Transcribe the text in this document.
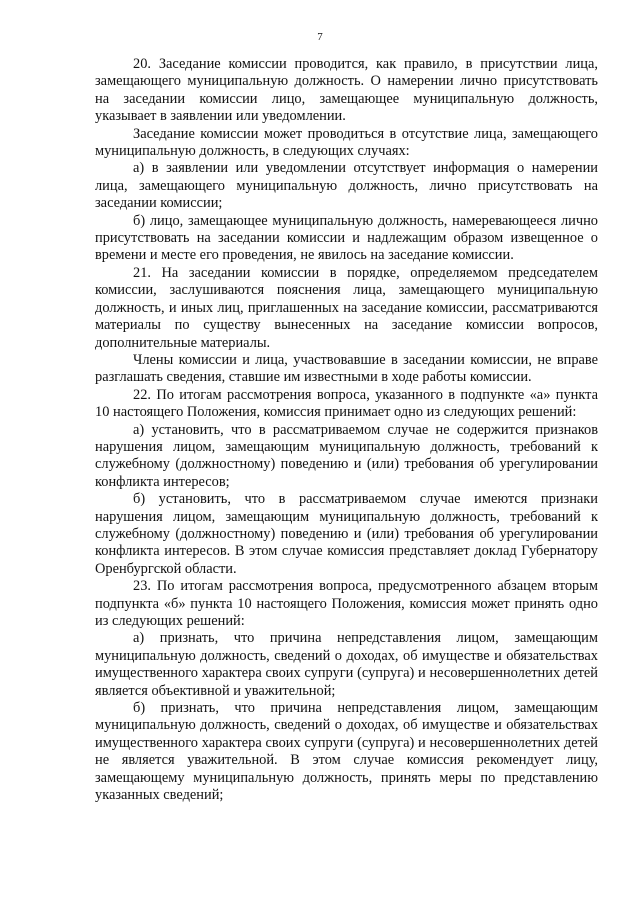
7

20. Заседание комиссии проводится, как правило, в присутствии лица, замещающего муниципальную должность. О намерении лично присутствовать на заседании комиссии лицо, замещающее муниципальную должность, указывает в заявлении или уведомлении.

Заседание комиссии может проводиться в отсутствие лица, замещающего муниципальную должность, в следующих случаях:

а) в заявлении или уведомлении отсутствует информация о намерении лица, замещающего муниципальную должность, лично присутствовать на заседании комиссии;

б) лицо, замещающее муниципальную должность, намеревающееся лично присутствовать на заседании комиссии и надлежащим образом извещенное о времени и месте его проведения, не явилось на заседание комиссии.

21. На заседании комиссии в порядке, определяемом председателем комиссии, заслушиваются пояснения лица, замещающего муниципальную должность, и иных лиц, приглашенных на заседание комиссии, рассматриваются материалы по существу вынесенных на заседание комиссии вопросов, дополнительные материалы.

Члены комиссии и лица, участвовавшие в заседании комиссии, не вправе разглашать сведения, ставшие им известными в ходе работы комиссии.

22. По итогам рассмотрения вопроса, указанного в подпункте «а» пункта 10 настоящего Положения, комиссия принимает одно из следующих решений:

а) установить, что в рассматриваемом случае не содержится признаков нарушения лицом, замещающим муниципальную должность, требований к служебному (должностному) поведению и (или) требования об урегулировании конфликта интересов;

б) установить, что в рассматриваемом случае имеются признаки нарушения лицом, замещающим муниципальную должность, требований к служебному (должностному) поведению и (или) требования об урегулировании конфликта интересов. В этом случае комиссия представляет доклад Губернатору Оренбургской области.

23. По итогам рассмотрения вопроса, предусмотренного абзацем вторым подпункта «б» пункта 10 настоящего Положения, комиссия может принять одно из следующих решений:

а) признать, что причина непредставления лицом, замещающим муниципальную должность, сведений о доходах, об имуществе и обязательствах имущественного характера своих супруги (супруга) и несовершеннолетних детей является объективной и уважительной;

б) признать, что причина непредставления лицом, замещающим муниципальную должность, сведений о доходах, об имуществе и обязательствах имущественного характера своих супруги (супруга) и несовершеннолетних детей не является уважительной. В этом случае комиссия рекомендует лицу, замещающему муниципальную должность, принять меры по представлению указанных сведений;
